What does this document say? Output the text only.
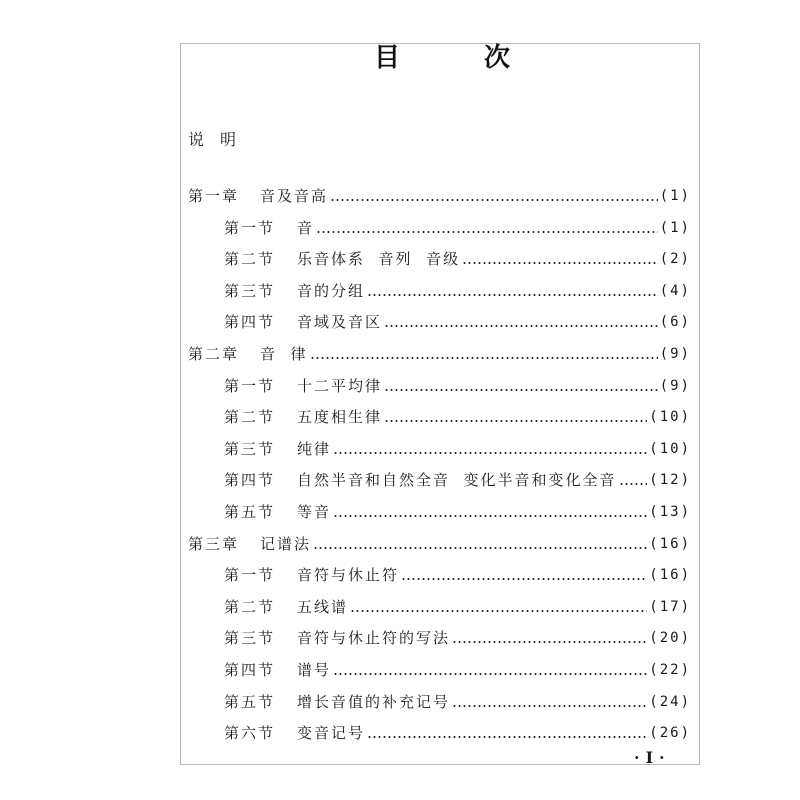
目	次
说 明
第一章 音及音高	(1)
第一节 音	(1)
第二节 乐音体系  音列  音级	(2)
第三节 音的分组	(4)
第四节 音域及音区	(6)
第二章 音  律	(9)
第一节 十二平均律	(9)
第二节 五度相生律	(10)
第三节 纯律	(10)
第四节 自然半音和自然全音  变化半音和变化全音 (12)
第五节 等音	(13)
第三章 记谱法	(16)
第一节 音符与休止符	(16)
第二节 五线谱	(17)
第三节 音符与休止符的写法	(20)
第四节 谱号	(22)
第五节 增长音值的补充记号	(24)
第六节 变音记号	(26)
·I·
